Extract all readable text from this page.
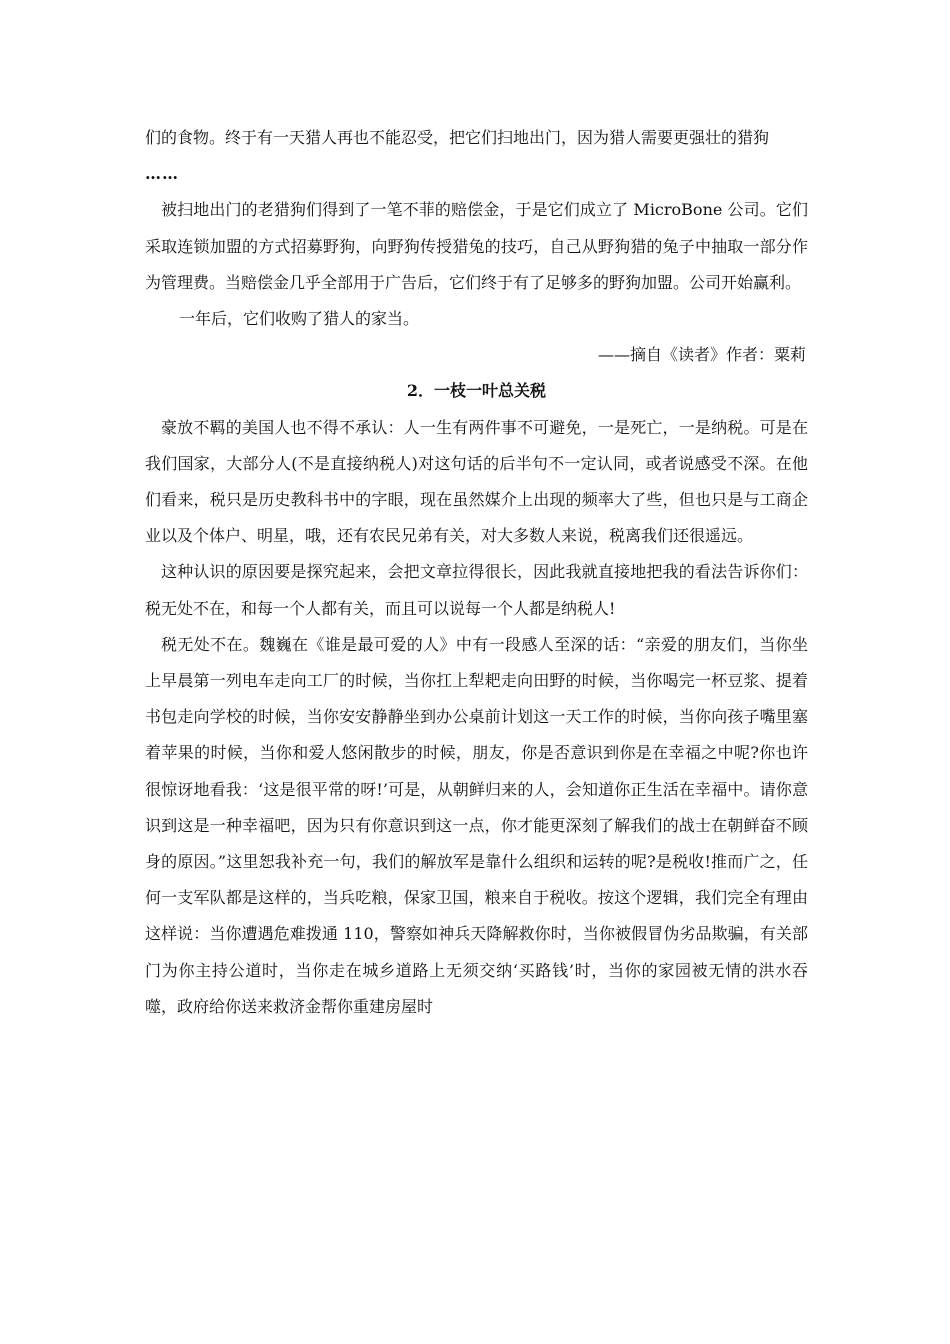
们的食物。终于有一天猎人再也不能忍受，把它们扫地出门，因为猎人需要更强壮的猎狗

……

被扫地出门的老猎狗们得到了一笔不菲的赔偿金，于是它们成立了 MicroBone 公司。它们采取连锁加盟的方式招募野狗，向野狗传授猎兔的技巧，自己从野狗猎的兔子中抽取一部分作为管理费。当赔偿金几乎全部用于广告后，它们终于有了足够多的野狗加盟。公司开始赢利。

一年后，它们收购了猎人的家当。

——摘自《读者》作者：粟莉

2．一枝一叶总关税

豪放不羁的美国人也不得不承认：人一生有两件事不可避免，一是死亡，一是纳税。可是在我们国家，大部分人(不是直接纳税人)对这句话的后半句不一定认同，或者说感受不深。在他们看来，税只是历史教科书中的字眼，现在虽然媒介上出现的频率大了些，但也只是与工商企业以及个体户、明星，哦，还有农民兄弟有关，对大多数人来说，税离我们还很遥远。

这种认识的原因要是探究起来，会把文章拉得很长，因此我就直接地把我的看法告诉你们：税无处不在，和每一个人都有关，而且可以说每一个人都是纳税人!

税无处不在。魏巍在《谁是最可爱的人》中有一段感人至深的话：“亲爱的朋友们，当你坐上早晨第一列电车走向工厂的时候，当你扛上犁耙走向田野的时候，当你喝完一杯豆浆、提着书包走向学校的时候，当你安安静静坐到办公桌前计划这一天工作的时候，当你向孩子嘴里塞着苹果的时候，当你和爱人悠闲散步的时候，朋友，你是否意识到你是在幸福之中呢?你也许很惊讶地看我：‘这是很平常的呀!’可是，从朝鲜归来的人，会知道你正生活在幸福中。请你意识到这是一种幸福吧，因为只有你意识到这一点，你才能更深刻了解我们的战士在朝鲜奋不顾身的原因。”这里恕我补充一句，我们的解放军是靠什么组织和运转的呢?是税收!推而广之，任何一支军队都是这样的，当兵吃粮，保家卫国，粮来自于税收。按这个逻辑，我们完全有理由这样说：当你遭遇危难拨通 110，警察如神兵天降解救你时，当你被假冒伪劣品欺骗，有关部门为你主持公道时，当你走在城乡道路上无须交纳‘买路钱’时，当你的家园被无情的洪水吞噬，政府给你送来救济金帮你重建房屋时
